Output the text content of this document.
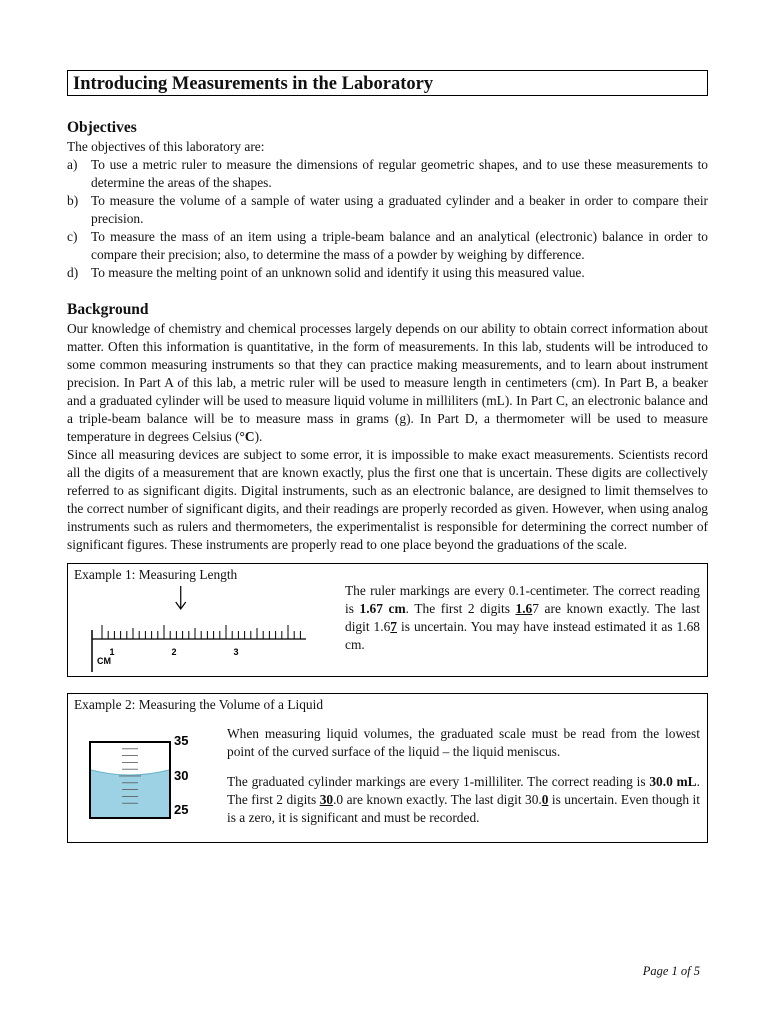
Introducing Measurements in the Laboratory
Objectives

The objectives of this laboratory are:

a) To use a metric ruler to measure the dimensions of regular geometric shapes, and to use these measurements to determine the areas of the shapes.
b) To measure the volume of a sample of water using a graduated cylinder and a beaker in order to compare their precision.
c) To measure the mass of an item using a triple-beam balance and an analytical (electronic) balance in order to compare their precision; also, to determine the mass of a powder by weighing by difference.
d) To measure the melting point of an unknown solid and identify it using this measured value.
Background

Our knowledge of chemistry and chemical processes largely depends on our ability to obtain correct information about matter. Often this information is quantitative, in the form of measurements. In this lab, students will be introduced to some common measuring instruments so that they can practice making measurements, and to learn about instrument precision. In Part A of this lab, a metric ruler will be used to measure length in centimeters (cm). In Part B, a beaker and a graduated cylinder will be used to measure liquid volume in milliliters (mL). In Part C, an electronic balance and a triple-beam balance will be to measure mass in grams (g). In Part D, a thermometer will be used to measure temperature in degrees Celsius (°C).

Since all measuring devices are subject to some error, it is impossible to make exact measurements. Scientists record all the digits of a measurement that are known exactly, plus the first one that is uncertain. These digits are collectively referred to as significant digits. Digital instruments, such as an electronic balance, are designed to limit themselves to the correct number of significant digits, and their readings are properly recorded as given. However, when using analog instruments such as rulers and thermometers, the experimentalist is responsible for determining the correct number of significant figures. These instruments are properly read to one place beyond the graduations of the scale.

Example 1: Measuring Length
CM
1	2	3
The ruler markings are every 0.1-centimeter. The correct reading is 1.67 cm. The first 2 digits 1.67 are known exactly. The last digit 1.67 is uncertain. You may have instead estimated it as 1.68 cm.
Example 2: Measuring the Volume of a Liquid
35
30
25

When measuring liquid volumes, the graduated scale must be read from the lowest point of the curved surface of the liquid – the liquid meniscus.

The graduated cylinder markings are every 1-milliliter. The correct reading is 30.0 mL. The first 2 digits 30.0 are known exactly. The last digit 30.0 is uncertain. Even though it is a zero, it is significant and must be recorded.

Page 1 of 5
